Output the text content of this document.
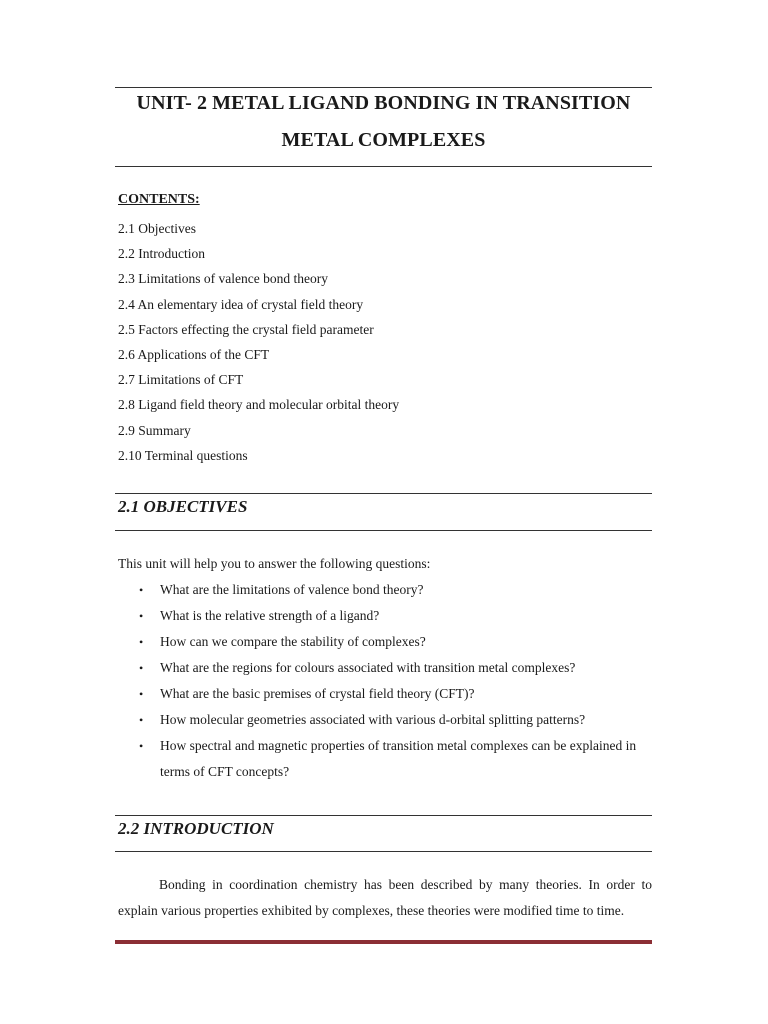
UNIT- 2 METAL LIGAND BONDING IN TRANSITION
METAL COMPLEXES
CONTENTS:
2.1 Objectives
2.2 Introduction
2.3 Limitations of valence bond theory
2.4 An elementary idea of crystal field theory
2.5 Factors effecting the crystal field parameter
2.6 Applications of the CFT
2.7 Limitations of CFT
2.8 Ligand field theory and molecular orbital theory
2.9 Summary
2.10 Terminal questions
2.1 OBJECTIVES
This unit will help you to answer the following questions:
• What are the limitations of valence bond theory?
• What is the relative strength of a ligand?
• How can we compare the stability of complexes?
• What are the regions for colours associated with transition metal complexes?
• What are the basic premises of crystal field theory (CFT)?
• How molecular geometries associated with various d-orbital splitting patterns?
• How spectral and magnetic properties of transition metal complexes can be explained in terms of CFT concepts?
2.2 INTRODUCTION

Bonding in coordination chemistry has been described by many theories. In order to explain various properties exhibited by complexes, these theories were modified time to time.
